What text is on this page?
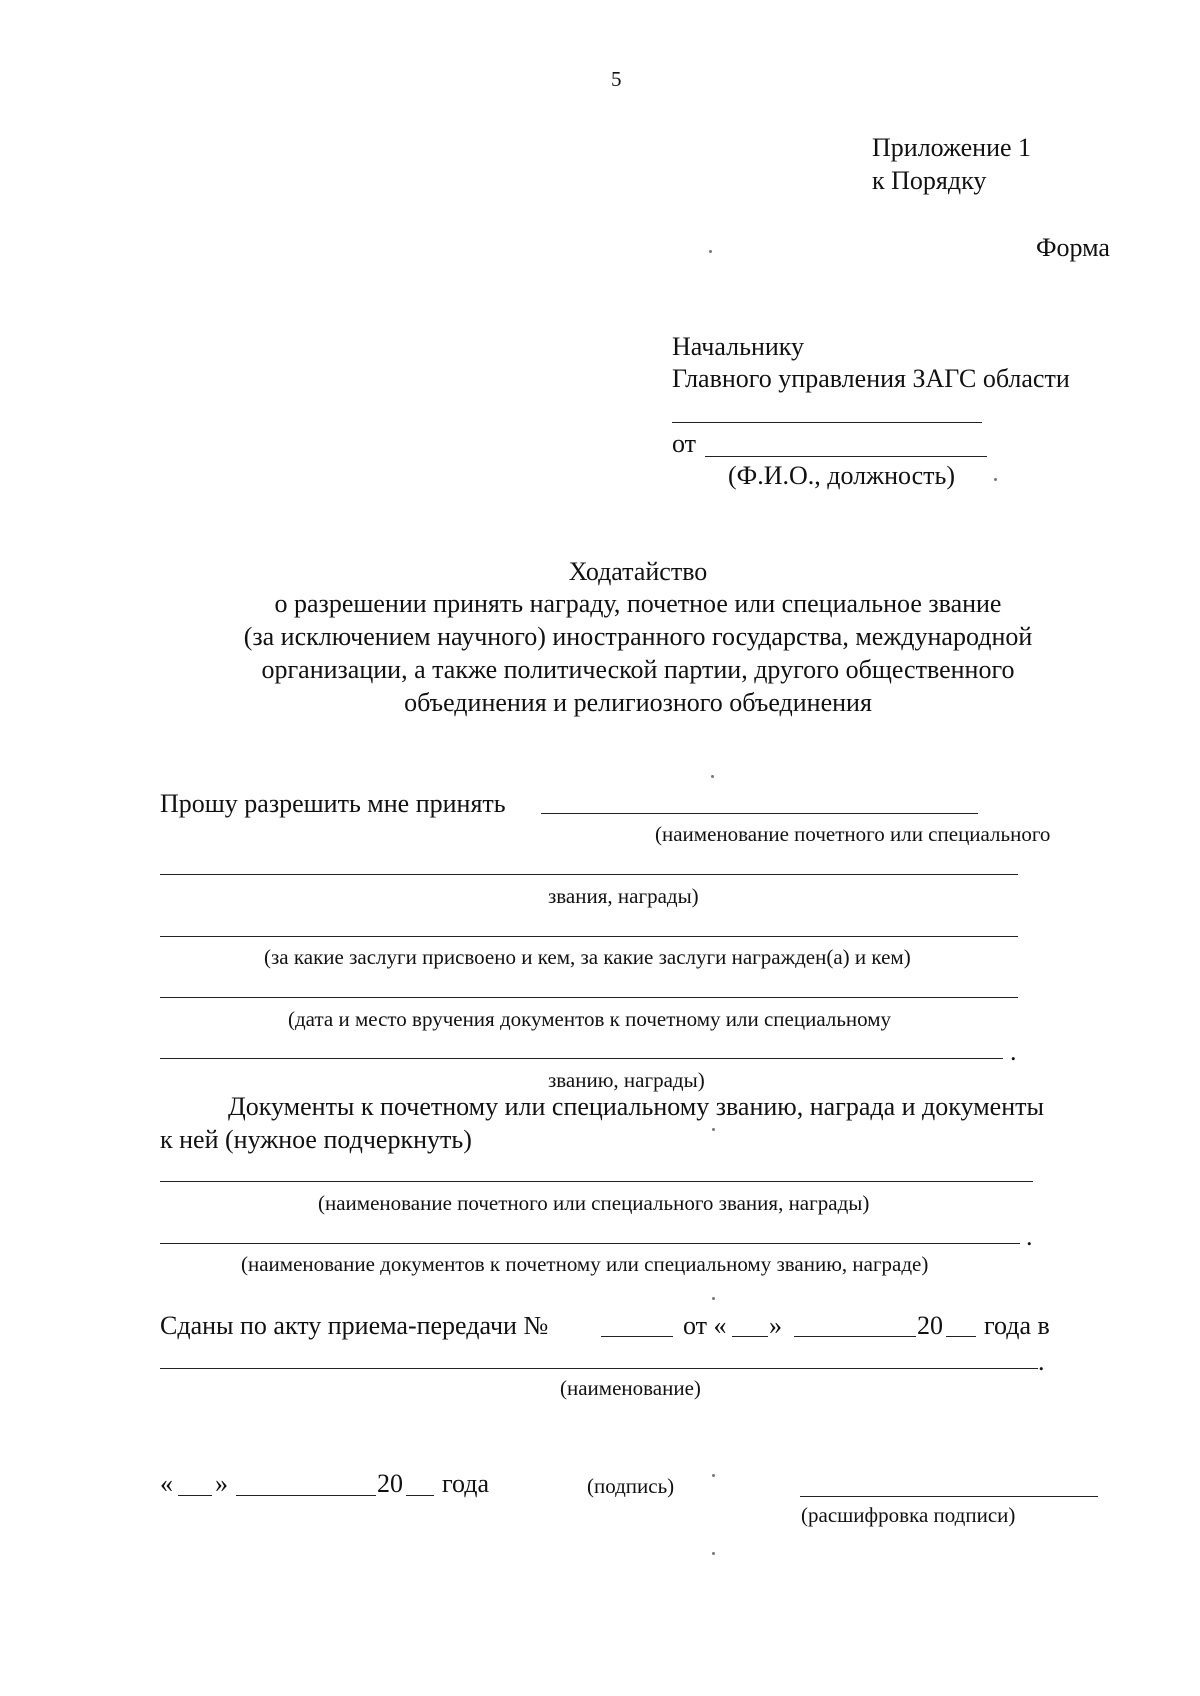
5
Приложение 1
к Порядку
Форма
Начальнику
Главного управления ЗАГС области
от
(Ф.И.О., должность)
Ходатайство
о разрешении принять награду, почетное или специальное звание
(за исключением научного) иностранного государства, международной
организации, а также политической партии, другого общественного
объединения и религиозного объединения
Прошу разрешить мне принять
(наименование почетного или специального
звания, награды)
(за какие заслуги присвоено и кем, за какие заслуги награжден(а) и кем)
(дата и место вручения документов к почетному или специальному
.
званию, награды)
Документы к почетному или специальному званию, награда и документы
к ней (нужное подчеркнуть)
(наименование почетного или специального звания, награды)
.
(наименование документов к почетному или специальному званию, награде)
Сданы по акту приема-передачи №	от « »	20 года в
.
(наименование)
« »	20 года	(подпись)
(расшифровка подписи)
